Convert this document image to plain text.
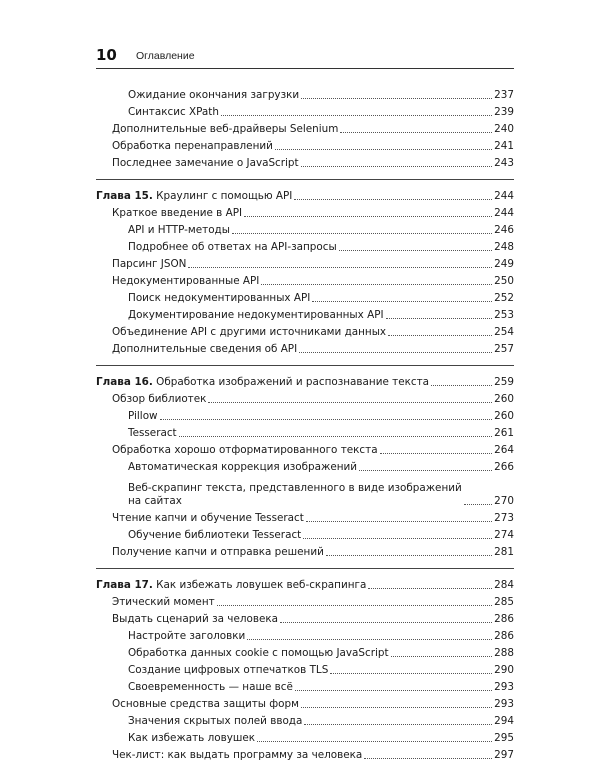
10 Оглавление
Ожидание окончания загрузки	237
Синтаксис XPath	239
Дополнительные веб-драйверы Selenium	240
Обработка перенаправлений	241
Последнее замечание о JavaScript	243
Глава 15. Краулинг с помощью API	244
Краткое введение в API	244
API и HTTP-методы	246
Подробнее об ответах на API-запросы	248
Парсинг JSON	249
Недокументированные API	250
Поиск недокументированных API	252
Документирование недокументированных API	253
Объединение API с другими источниками данных	254
Дополнительные сведения об API	257
Глава 16. Обработка изображений и распознавание текста	259
Обзор библиотек	260
Pillow	260
Tesseract	261
Обработка хорошо отформатированного текста	264
Автоматическая коррекция изображений	266
Веб-скрапинг текста, представленного в виде изображений
на сайтах	270
Чтение капчи и обучение Tesseract	273
Обучение библиотеки Tesseract	274
Получение капчи и отправка решений	281
Глава 17. Как избежать ловушек веб-скрапинга	284
Этический момент	285
Выдать сценарий за человека	286
Настройте заголовки	286
Обработка данных cookie с помощью JavaScript	288
Создание цифровых отпечатков TLS	290
Своевременность — наше всё	293
Основные средства защиты форм	293
Значения скрытых полей ввода	294
Как избежать ловушек	295
Чек-лист: как выдать программу за человека	297
